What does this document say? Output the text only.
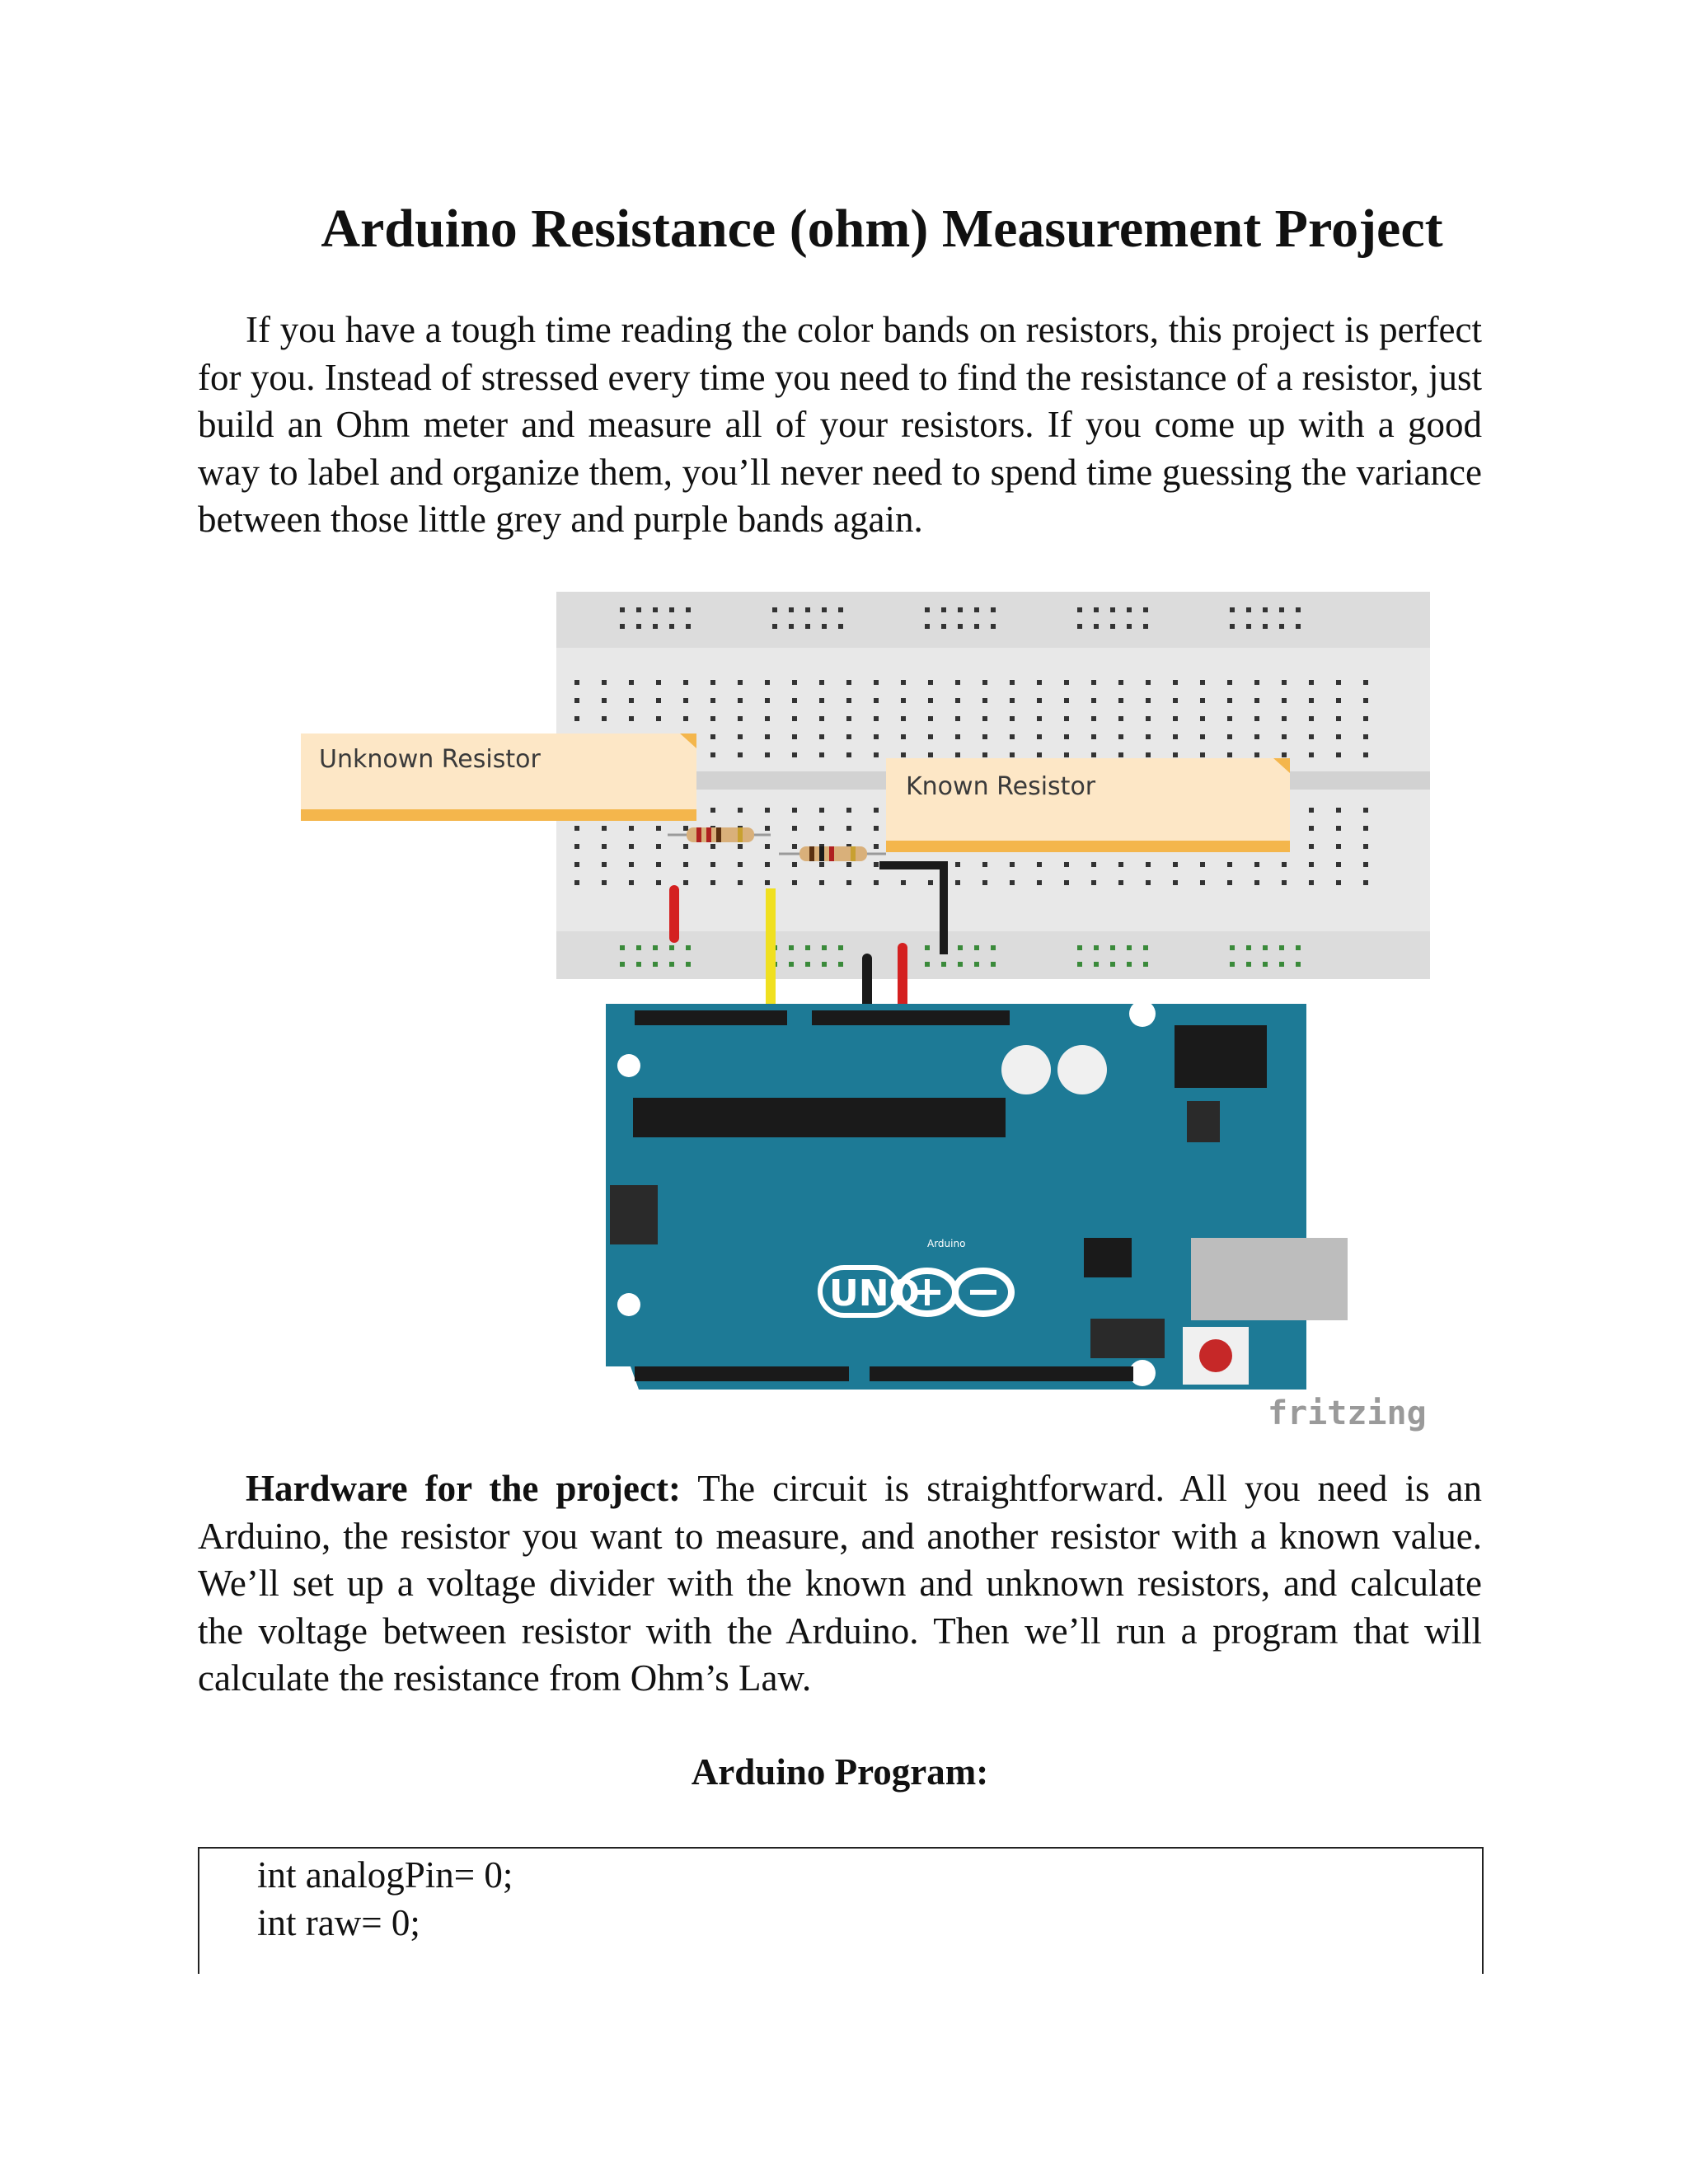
Arduino Resistance (ohm) Measurement Project

If you have a tough time reading the color bands on resistors, this project is perfect for you. Instead of stressed every time you need to find the resistance of a resistor, just build an Ohm meter and measure all of your resistors. If you come up with a good way to label and organize them, you’ll never need to spend time guessing the variance between those little grey and purple bands again.

Unknown Resistor
Known Resistor
UNO
Arduino
fritzing

Hardware for the project: The circuit is straightforward. All you need is an Arduino, the resistor you want to measure, and another resistor with a known value. We’ll set up a voltage divider with the known and unknown resistors, and calculate the voltage between resistor with the Arduino. Then we’ll run a program that will calculate the resistance from Ohm’s Law.

Arduino Program:
int analogPin= 0;
int raw= 0;
